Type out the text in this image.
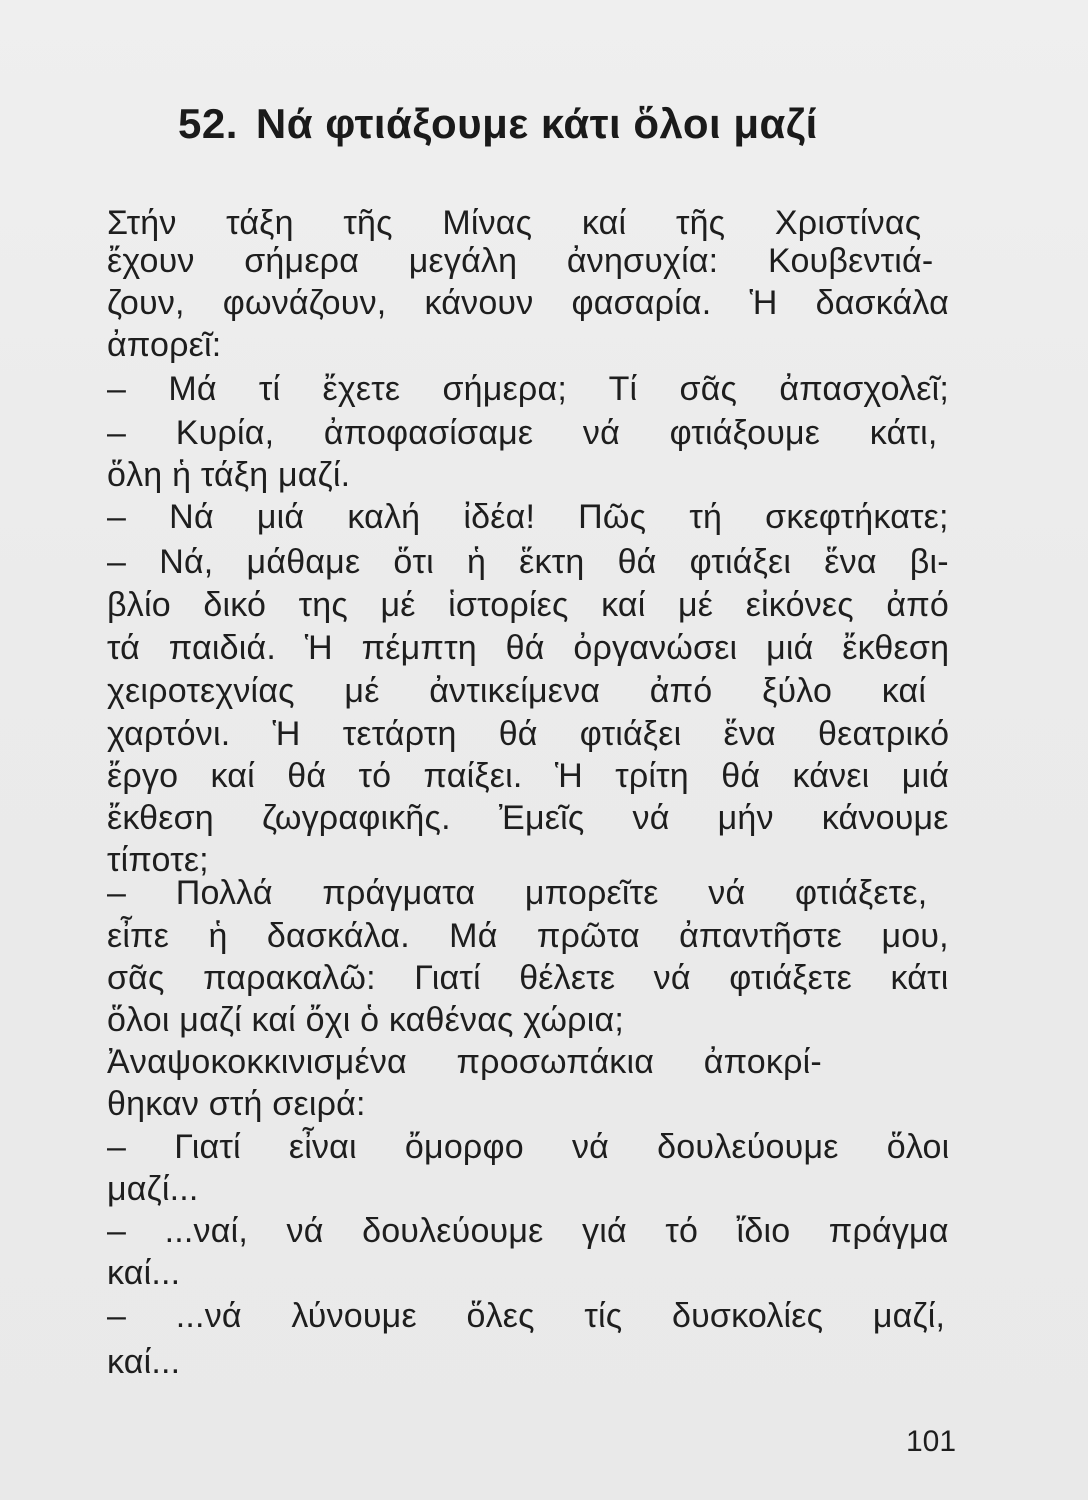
52. Νά φτιάξουμε κάτι ὅλοι μαζί
Στήν τάξη τῆς Μίνας καί τῆς Χριστίνας
ἔχουν σήμερα μεγάλη ἀνησυχία: Κουβεντιά-
ζουν, φωνάζουν, κάνουν φασαρία. Ἡ δασκάλα
ἀπορεῖ:
– Μά τί ἔχετε σήμερα; Τί σᾶς ἀπασχολεῖ;
– Κυρία, ἀποφασίσαμε νά φτιάξουμε κάτι,
ὅλη ἡ τάξη μαζί.
– Νά μιά καλή ἰδέα! Πῶς τή σκεφτήκατε;
– Νά, μάθαμε ὅτι ἡ ἕκτη θά φτιάξει ἕνα βι-
βλίο δικό της μέ ἱστορίες καί μέ εἰκόνες ἀπό
τά παιδιά. Ἡ πέμπτη θά ὀργανώσει μιά ἔκθεση
χειροτεχνίας μέ ἀντικείμενα ἀπό ξύλο καί
χαρτόνι. Ἡ τετάρτη θά φτιάξει ἕνα θεατρικό
ἔργο καί θά τό παίξει. Ἡ τρίτη θά κάνει μιά
ἔκθεση ζωγραφικῆς. Ἐμεῖς νά μήν κάνουμε
τίποτε;
– Πολλά πράγματα μπορεῖτε νά φτιάξετε,
εἶπε ἡ δασκάλα. Μά πρῶτα ἀπαντῆστε μου,
σᾶς παρακαλῶ: Γιατί θέλετε νά φτιάξετε κάτι
ὅλοι μαζί καί ὄχι ὁ καθένας χώρια;
Ἀναψοκοκκινισμένα προσωπάκια ἀποκρί-
θηκαν στή σειρά:
– Γιατί εἶναι ὄμορφο νά δουλεύουμε ὅλοι
μαζί...
– ...ναί, νά δουλεύουμε γιά τό ἴδιο πράγμα
καί...
– ...νά λύνουμε ὅλες τίς δυσκολίες μαζί,
καί...
101
